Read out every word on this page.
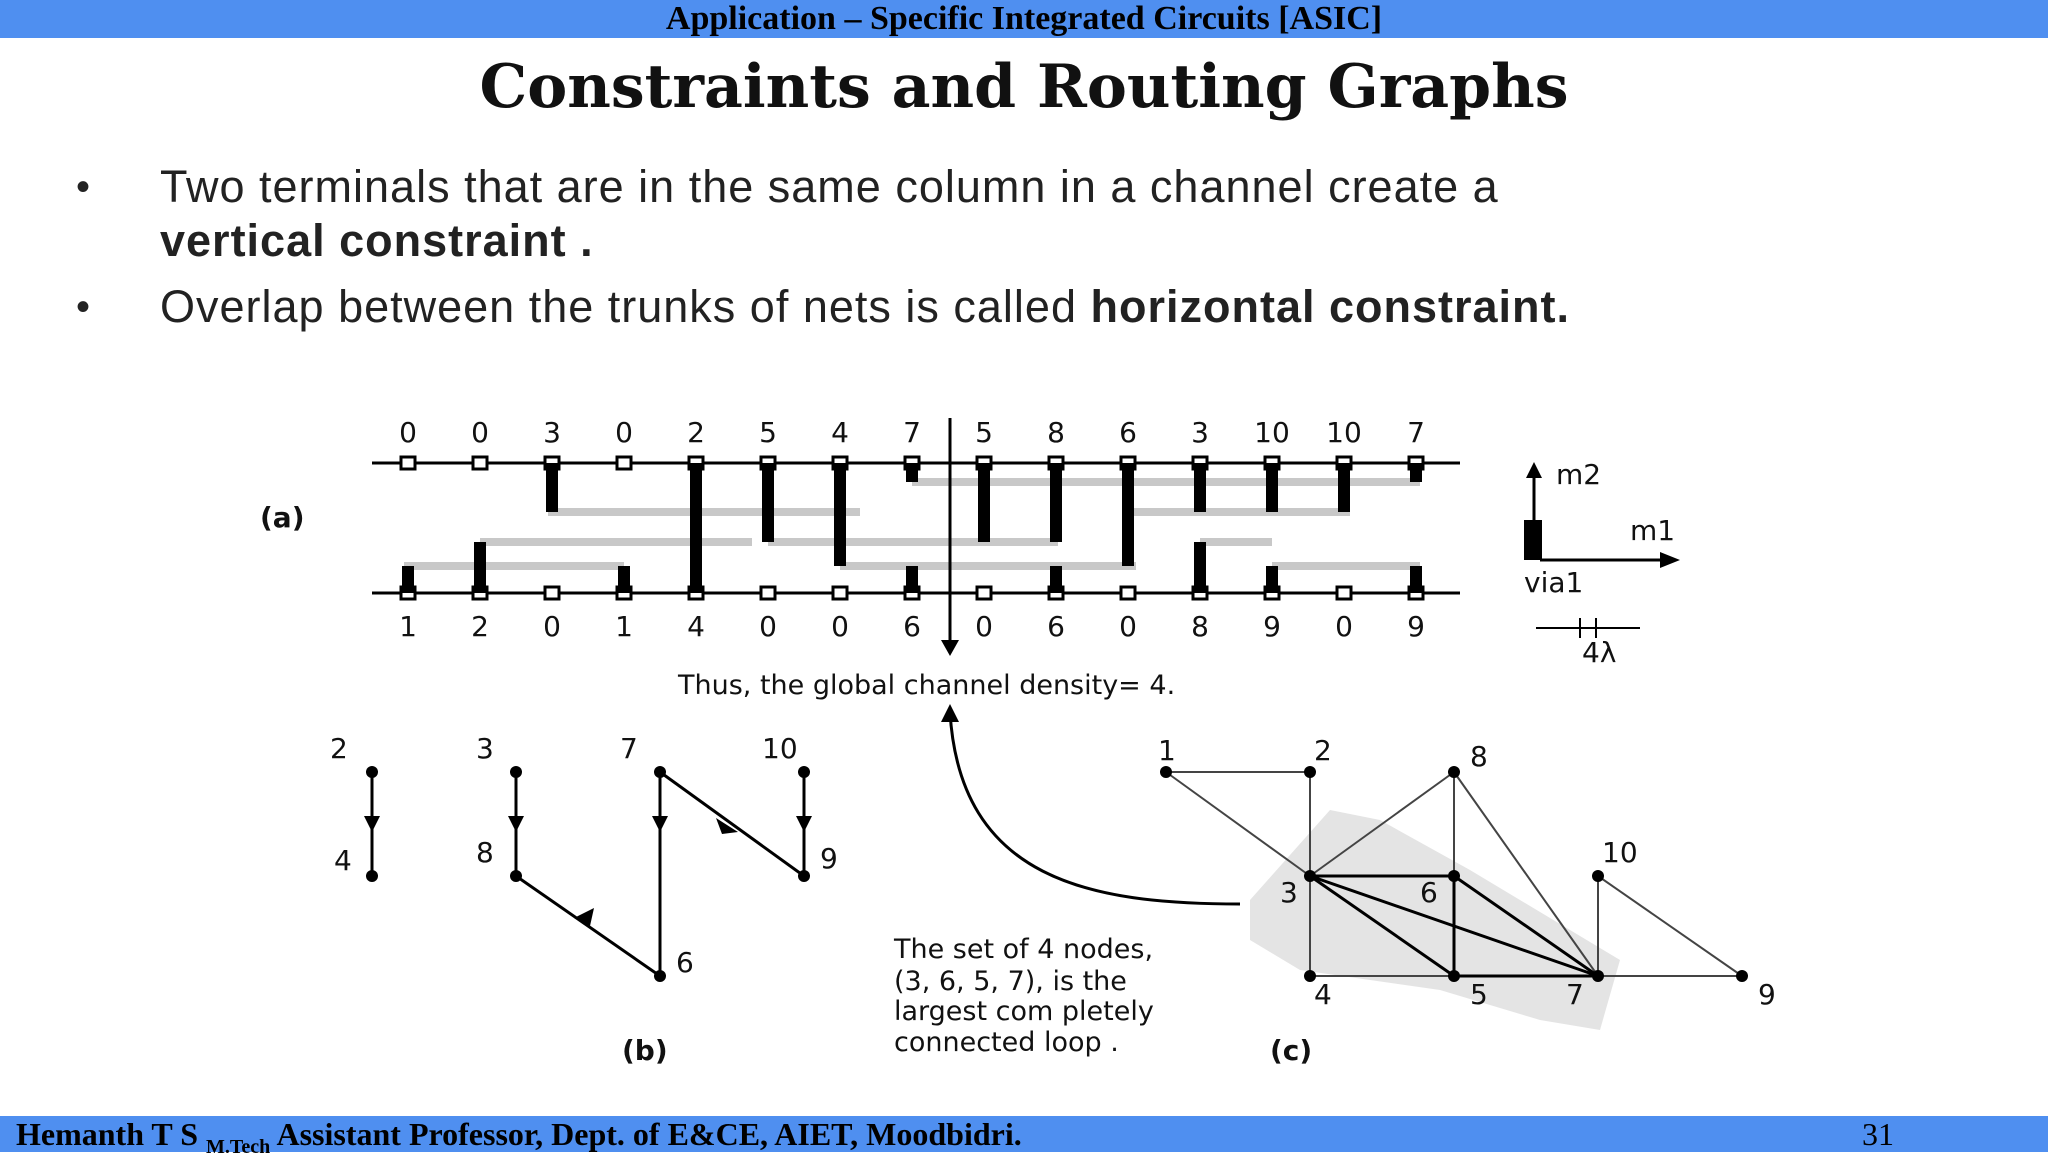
Application – Specific Integrated Circuits [ASIC]
Constraints and Routing Graphs
• Two terminals that are in the same column in a channel create a
vertical constraint .
• Overlap between the trunks of nets is called horizontal constraint.
0 0 3 0 2 5 4 7 5 8 6 3 10 10 7
1 2 0 1 4 0 0 6 0 6 0 8 9 0 9
(a)
Thus, the global channel density= 4.
m2
m1
via1
4λ
2
4
3
8
7
6
10
9
(b)
The set of 4 nodes,
(3, 6, 5, 7), is the
largest com pletely
connected loop .
1	2	8
3	6
10
4	5	7	9
(c)
Hemanth T S $_{M.Tech}$ Assistant Professor, Dept. of E&CE, AIET, Moodbidri.	31
